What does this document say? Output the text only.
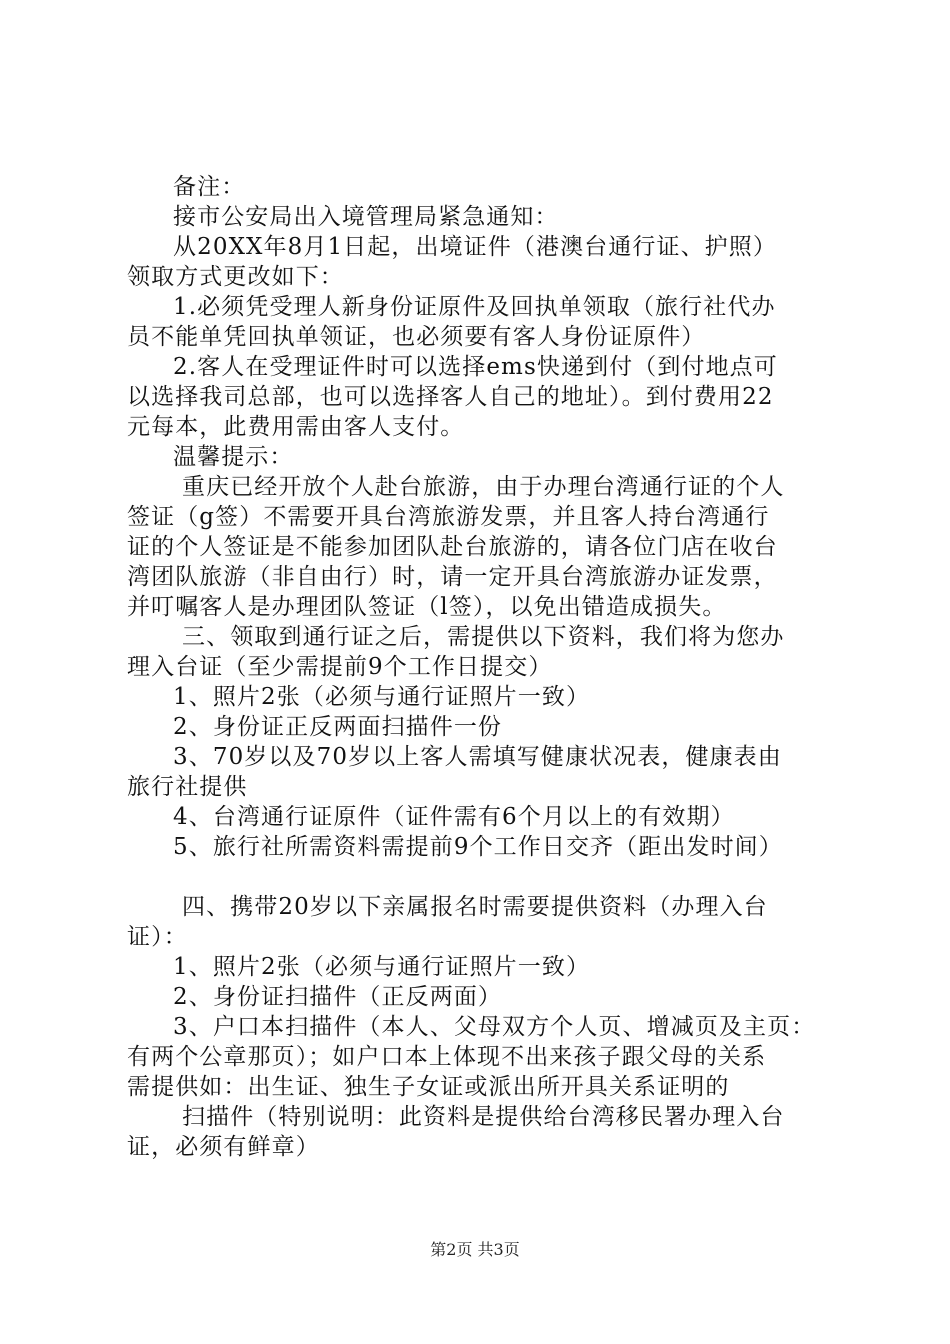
备注：

接市公安局出入境管理局紧急通知：

从20XX年8月1日起，出境证件（港澳台通行证、护照）

领取方式更改如下：

1.必须凭受理人新身份证原件及回执单领取（旅行社代办

员不能单凭回执单领证，也必须要有客人身份证原件）

2.客人在受理证件时可以选择ems快递到付（到付地点可

以选择我司总部，也可以选择客人自己的地址）。到付费用22

元每本，此费用需由客人支付。

温馨提示：

重庆已经开放个人赴台旅游，由于办理台湾通行证的个人

签证（g签）不需要开具台湾旅游发票，并且客人持台湾通行

证的个人签证是不能参加团队赴台旅游的，请各位门店在收台

湾团队旅游（非自由行）时，请一定开具台湾旅游办证发票，

并叮嘱客人是办理团队签证（l签），以免出错造成损失。

三、领取到通行证之后，需提供以下资料，我们将为您办

理入台证（至少需提前9个工作日提交）

1、照片2张（必须与通行证照片一致）

2、身份证正反两面扫描件一份

3、70岁以及70岁以上客人需填写健康状况表，健康表由

旅行社提供

4、台湾通行证原件（证件需有6个月以上的有效期）

5、旅行社所需资料需提前9个工作日交齐（距出发时间）

四、携带20岁以下亲属报名时需要提供资料（办理入台

证）：

1、照片2张（必须与通行证照片一致）

2、身份证扫描件（正反两面）

3、户口本扫描件（本人、父母双方个人页、增减页及主页：

有两个公章那页）；如户口本上体现不出来孩子跟父母的关系

需提供如：出生证、独生子女证或派出所开具关系证明的

扫描件（特别说明：此资料是提供给台湾移民署办理入台

证，必须有鲜章）

第2页 共3页
